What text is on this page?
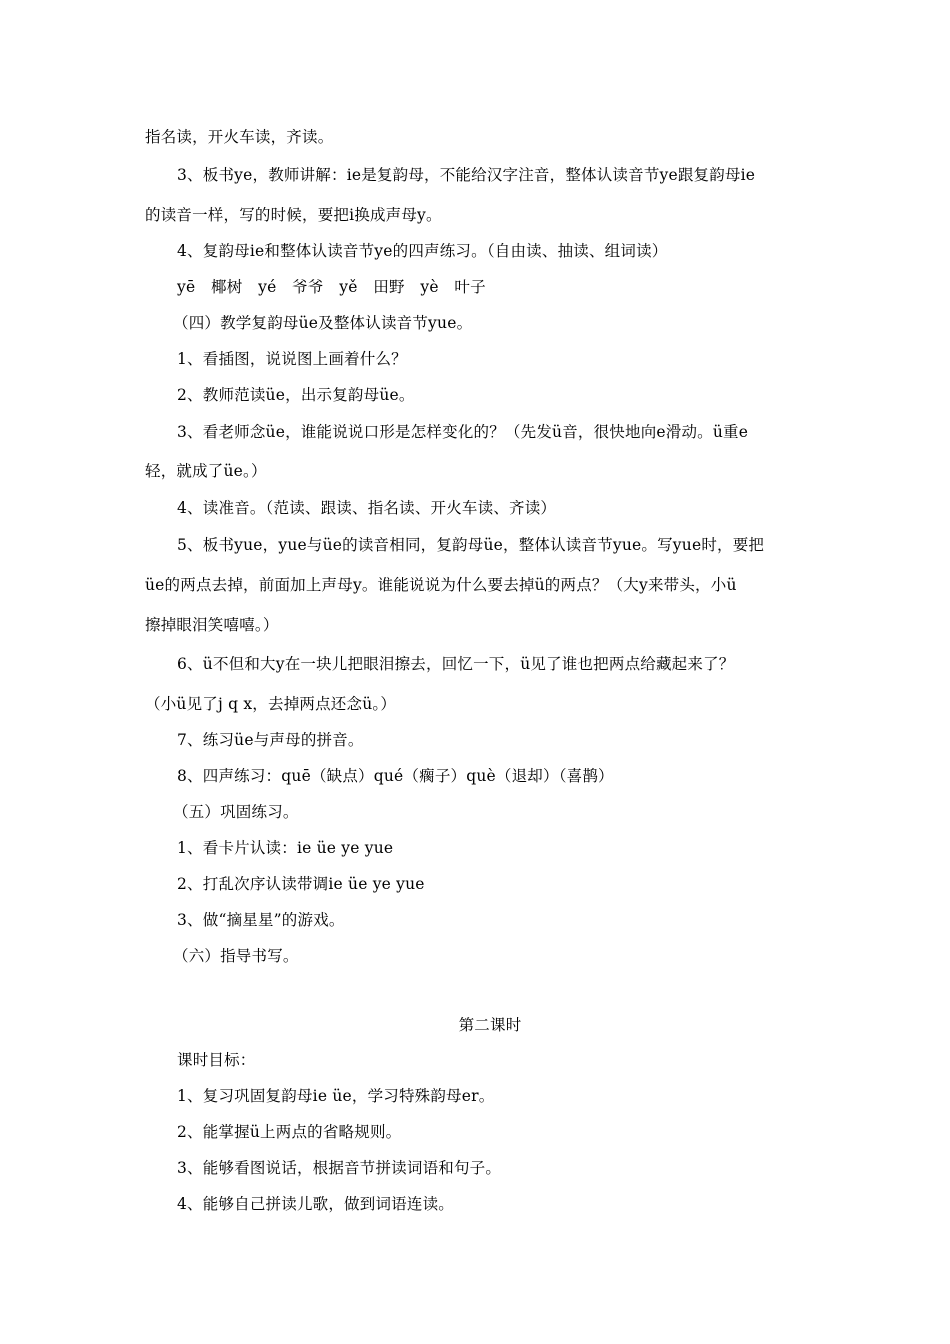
指名读，开火车读，齐读。
3、板书ye，教师讲解：ie是复韵母，不能给汉字注音，整体认读音节ye跟复韵母ie
的读音一样，写的时候，要把i换成声母y。
4、复韵母ie和整体认读音节ye的四声练习。（自由读、抽读、组词读）
yē　椰树　yé　爷爷　yě　田野　yè　叶子
（四）教学复韵母üe及整体认读音节yue。
1、看插图，说说图上画着什么？
2、教师范读üe，出示复韵母üe。
3、看老师念üe，谁能说说口形是怎样变化的？（先发ü音，很快地向e滑动。ü重e
轻，就成了üe。）
4、读准音。（范读、跟读、指名读、开火车读、齐读）
5、板书yue，yue与üe的读音相同，复韵母üe，整体认读音节yue。写yue时，要把
üe的两点去掉，前面加上声母y。谁能说说为什么要去掉ü的两点？（大y来带头，小ü
擦掉眼泪笑嘻嘻。）
6、ü不但和大y在一块儿把眼泪擦去，回忆一下，ü见了谁也把两点给藏起来了？
（小ü见了j q x，去掉两点还念ü。）
7、练习üe与声母的拼音。
8、四声练习：quē（缺点）qué（瘸子）què（退却）（喜鹊）
（五）巩固练习。
1、看卡片认读：ie üe ye yue
2、打乱次序认读带调ie üe ye yue
3、做“摘星星”的游戏。
（六）指导书写。
第二课时
课时目标：
1、复习巩固复韵母ie üe，学习特殊韵母er。
2、能掌握ü上两点的省略规则。
3、能够看图说话，根据音节拼读词语和句子。
4、能够自己拼读儿歌，做到词语连读。
